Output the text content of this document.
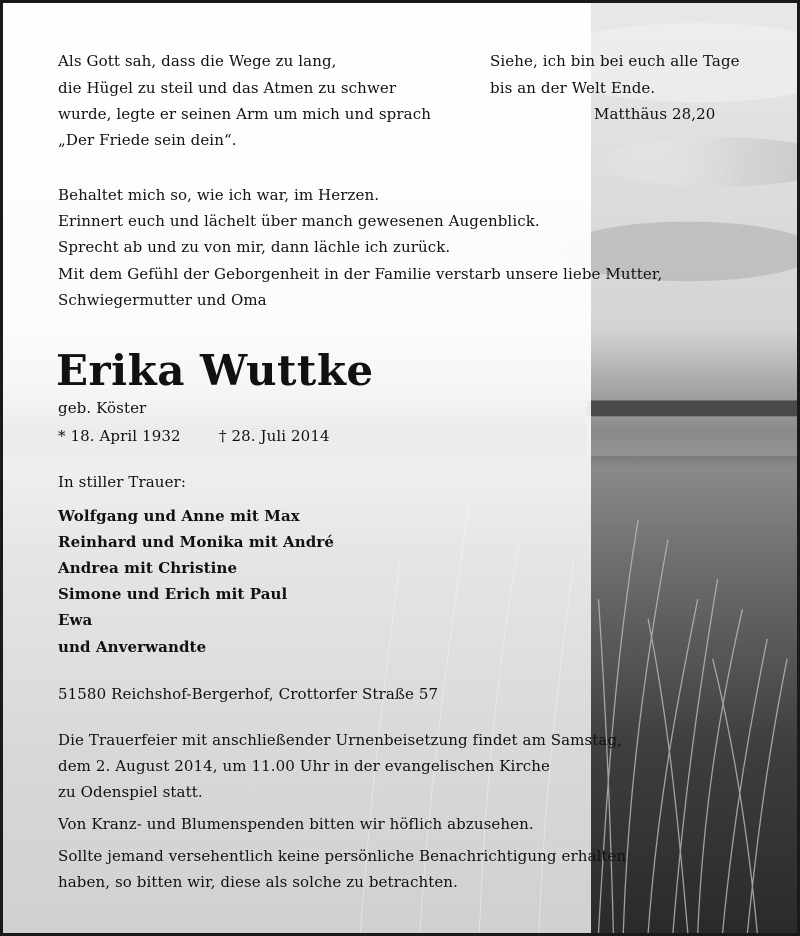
Als Gott sah, dass die Wege zu lang,
die Hügel zu steil und das Atmen zu schwer
wurde, legte er seinen Arm um mich und sprach
„Der Friede sein dein“.
Siehe, ich bin bei euch alle Tage
bis an der Welt Ende.
Matthäus 28,20
Behaltet mich so, wie ich war, im Herzen.
Erinnert euch und lächelt über manch gewesenen Augenblick.
Sprecht ab und zu von mir, dann lächle ich zurück.
Mit dem Gefühl der Geborgenheit in der Familie verstarb unsere liebe Mutter,
Schwiegermutter und Oma
Erika Wuttke
geb. Köster
* 18. April 1932	† 28. Juli 2014
In stiller Trauer:
Wolfgang und Anne mit Max
Reinhard und Monika mit André
Andrea mit Christine
Simone und Erich mit Paul
Ewa
und Anverwandte
51580 Reichshof-Bergerhof, Crottorfer Straße 57
Die Trauerfeier mit anschließender Urnenbeisetzung findet am Samstag,
dem 2. August 2014, um 11.00 Uhr in der evangelischen Kirche
zu Odenspiel statt.
Von Kranz- und Blumenspenden bitten wir höflich abzusehen.
Sollte jemand versehentlich keine persönliche Benachrichtigung erhalten
haben, so bitten wir, diese als solche zu betrachten.
